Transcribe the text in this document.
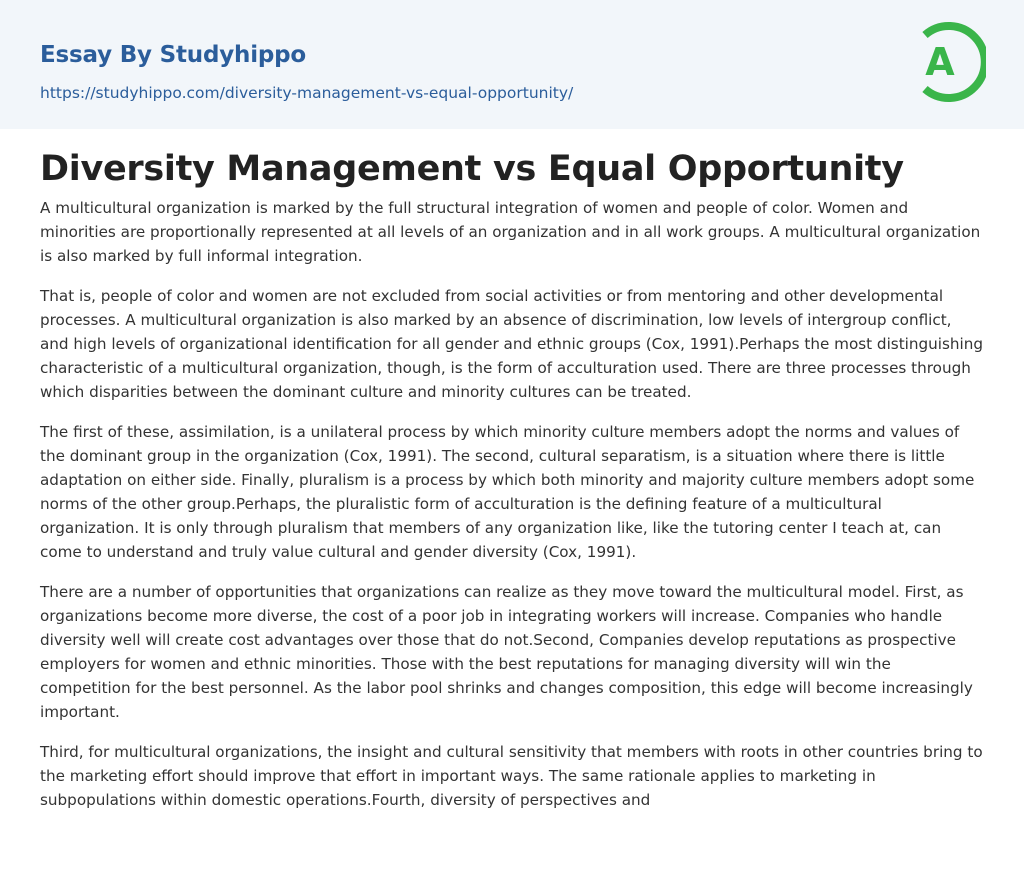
Essay By Studyhippo
https://studyhippo.com/diversity-management-vs-equal-opportunity/
A
Diversity Management vs Equal Opportunity

A multicultural organization is marked by the full structural integration of women and people of color. Women and minorities are proportionally represented at all levels of an organization and in all work groups. A multicultural organization is also marked by full informal integration.

That is, people of color and women are not excluded from social activities or from mentoring and other developmental processes. A multicultural organization is also marked by an absence of discrimination, low levels of intergroup conflict, and high levels of organizational identification for all gender and ethnic groups (Cox, 1991).Perhaps the most distinguishing characteristic of a multicultural organization, though, is the form of acculturation used. There are three processes through which disparities between the dominant culture and minority cultures can be treated.

The first of these, assimilation, is a unilateral process by which minority culture members adopt the norms and values of the dominant group in the organization (Cox, 1991). The second, cultural separatism, is a situation where there is little adaptation on either side. Finally, pluralism is a process by which both minority and majority culture members adopt some norms of the other group.Perhaps, the pluralistic form of acculturation is the defining feature of a multicultural organization. It is only through pluralism that members of any organization like, like the tutoring center I teach at, can come to understand and truly value cultural and gender diversity (Cox, 1991).

There are a number of opportunities that organizations can realize as they move toward the multicultural model. First, as organizations become more diverse, the cost of a poor job in integrating workers will increase. Companies who handle diversity well will create cost advantages over those that do not.Second, Companies develop reputations as prospective employers for women and ethnic minorities. Those with the best reputations for managing diversity will win the competition for the best personnel. As the labor pool shrinks and changes composition, this edge will become increasingly important.

Third, for multicultural organizations, the insight and cultural sensitivity that members with roots in other countries bring to the marketing effort should improve that effort in important ways. The same rationale applies to marketing in subpopulations within domestic operations.Fourth, diversity of perspectives and
